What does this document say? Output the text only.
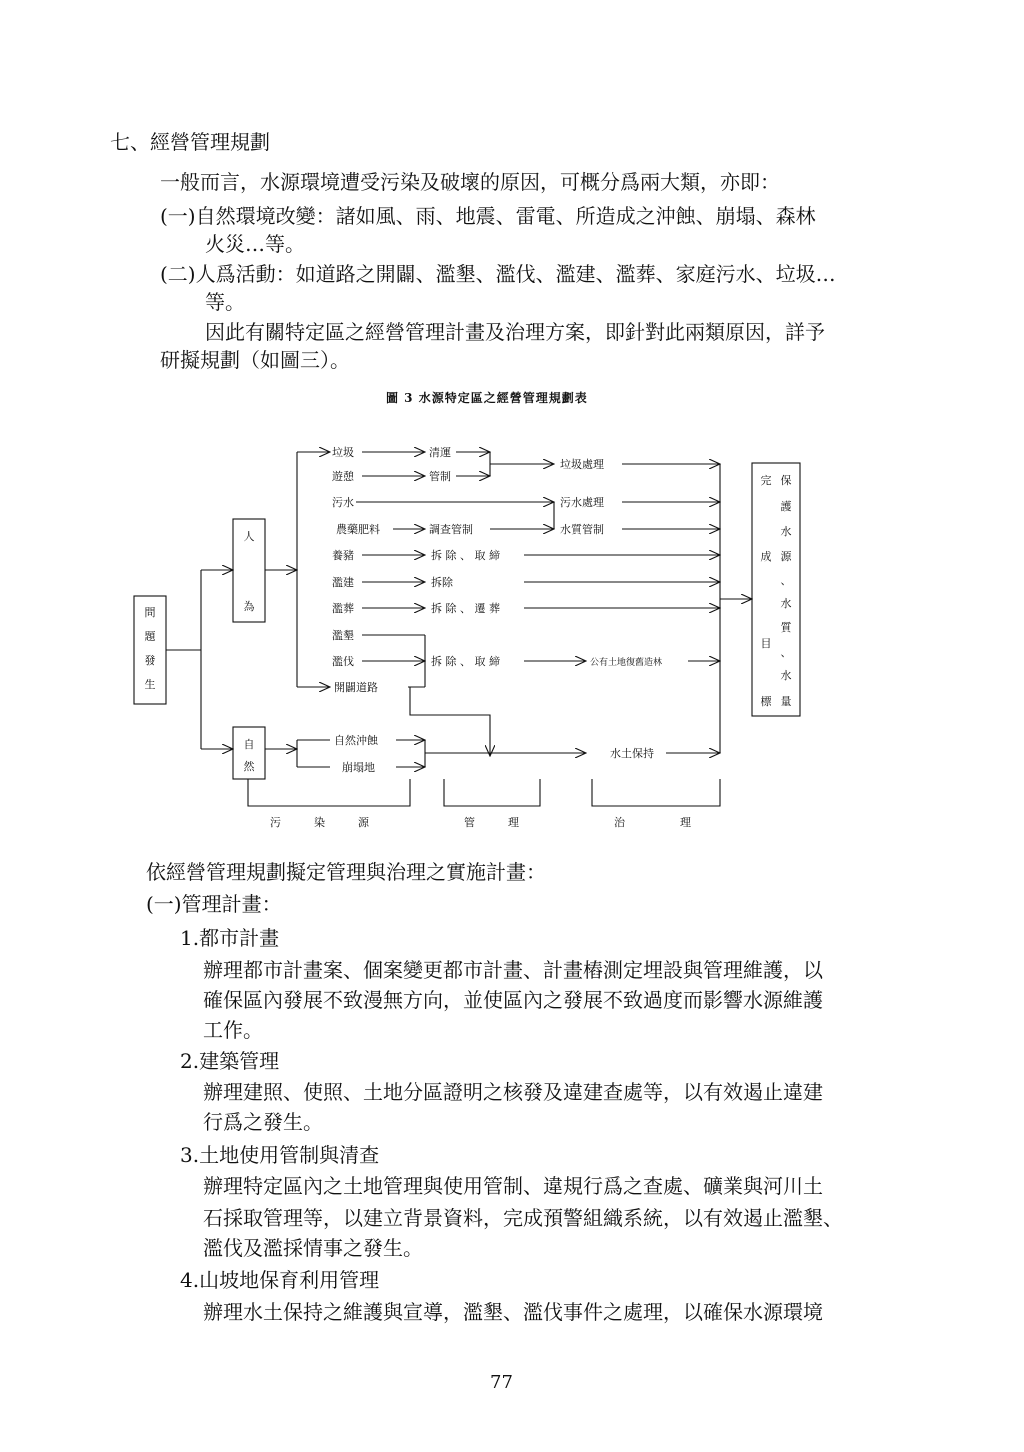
七、經營管理規劃
一般而言，水源環境遭受污染及破壞的原因，可概分爲兩大類，亦即：
(一)自然環境改變：諸如風、雨、地震、雷電、所造成之沖蝕、崩塌、森林
火災…等。
(二)人爲活動：如道路之開闢、濫墾、濫伐、濫建、濫葬、家庭污水、垃圾…
等。
因此有關特定區之經營管理計畫及治理方案，即針對此兩類原因，詳予
研擬規劃（如圖三）。
圖 3 水源特定區之經營管理規劃表
問
題
發
生
人
為
自
然
垃圾
遊憩
污水
農藥肥料
養豬
濫建
濫葬
濫墾
濫伐
開闢道路
自然沖蝕
崩塌地
清運
管制
調查管制
拆 除 、 取 締
拆除
拆 除 、 遷 葬
拆 除 、 取 締
垃圾處理
污水處理
水質管制
公有土地復舊造林
水土保持
完
成
目
標
保
護
水
源
、
水
質
、
水
量
污　　　染　　　源	管　　　理	治　　　　　理
依經營管理規劃擬定管理與治理之實施計畫：
(一)管理計畫：
1.都市計畫
辦理都市計畫案、個案變更都市計畫、計畫樁測定埋設與管理維護，以
確保區內發展不致漫無方向，並使區內之發展不致過度而影響水源維護
工作。
2.建築管理
辦理建照、使照、土地分區證明之核發及違建查處等，以有效遏止違建
行爲之發生。
3.土地使用管制與清查
辦理特定區內之土地管理與使用管制、違規行爲之查處、礦業與河川土
石採取管理等，以建立背景資料，完成預警組織系統，以有效遏止濫墾、
濫伐及濫採情事之發生。
4.山坡地保育利用管理
辦理水土保持之維護與宣導，濫墾、濫伐事件之處理，以確保水源環境
77
